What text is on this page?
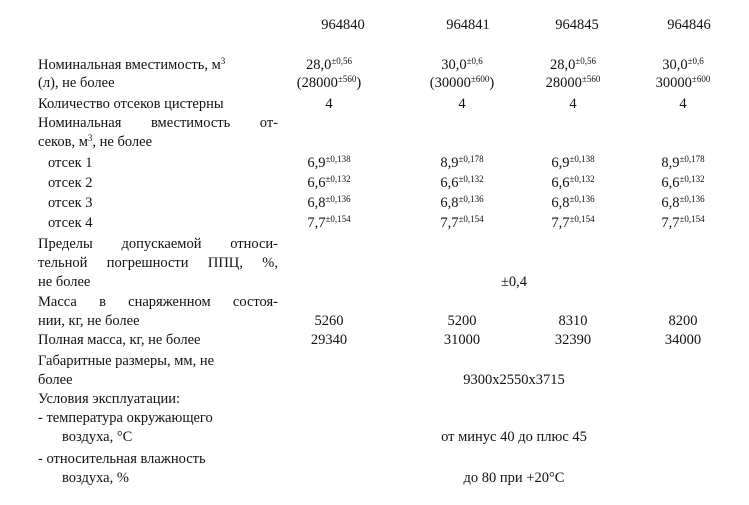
964840	964841	964845	964846
Номинальная вместимость, $м^3$
(л), не более
$28,0^{\pm 0,56}$	$30,0^{\pm 0,6}$	$28,0^{\pm 0,56}$	$30,0^{\pm 0,6}$
$(28000^{\pm 560})$	$(30000^{\pm 600})$	$28000^{\pm 560}$	$30000^{\pm 600}$
Количество отсеков цистерны	4	4	4	4
Номинальная вместимость от-
секов, $м^3$, не более
отсек 1	$6,9^{\pm 0,138}$	$8,9^{\pm 0,178}$	$6,9^{\pm 0,138}$	$8,9^{\pm 0,178}$
отсек 2	$6,6^{\pm 0,132}$	$6,6^{\pm 0,132}$	$6,6^{\pm 0,132}$	$6,6^{\pm 0,132}$
отсек 3	$6,8^{\pm 0,136}$	$6,8^{\pm 0,136}$	$6,8^{\pm 0,136}$	$6,8^{\pm 0,136}$
отсек 4	$7,7^{\pm 0,154}$	$7,7^{\pm 0,154}$	$7,7^{\pm 0,154}$	$7,7^{\pm 0,154}$
Пределы допускаемой относи-
тельной погрешности ППЦ, %,
не более	±0,4
Масса в снаряженном состоя-
нии, кг, не более	5260	5200	8310	8200
Полная масса, кг, не более	29340	31000	32390	34000
Габаритные размеры, мм, не
более	9300х2550х3715
Условия эксплуатации:
- температура окружающего
воздуха, °С	от минус 40 до плюс 45
- относительная влажность
воздуха, %	до 80 при +20°С
